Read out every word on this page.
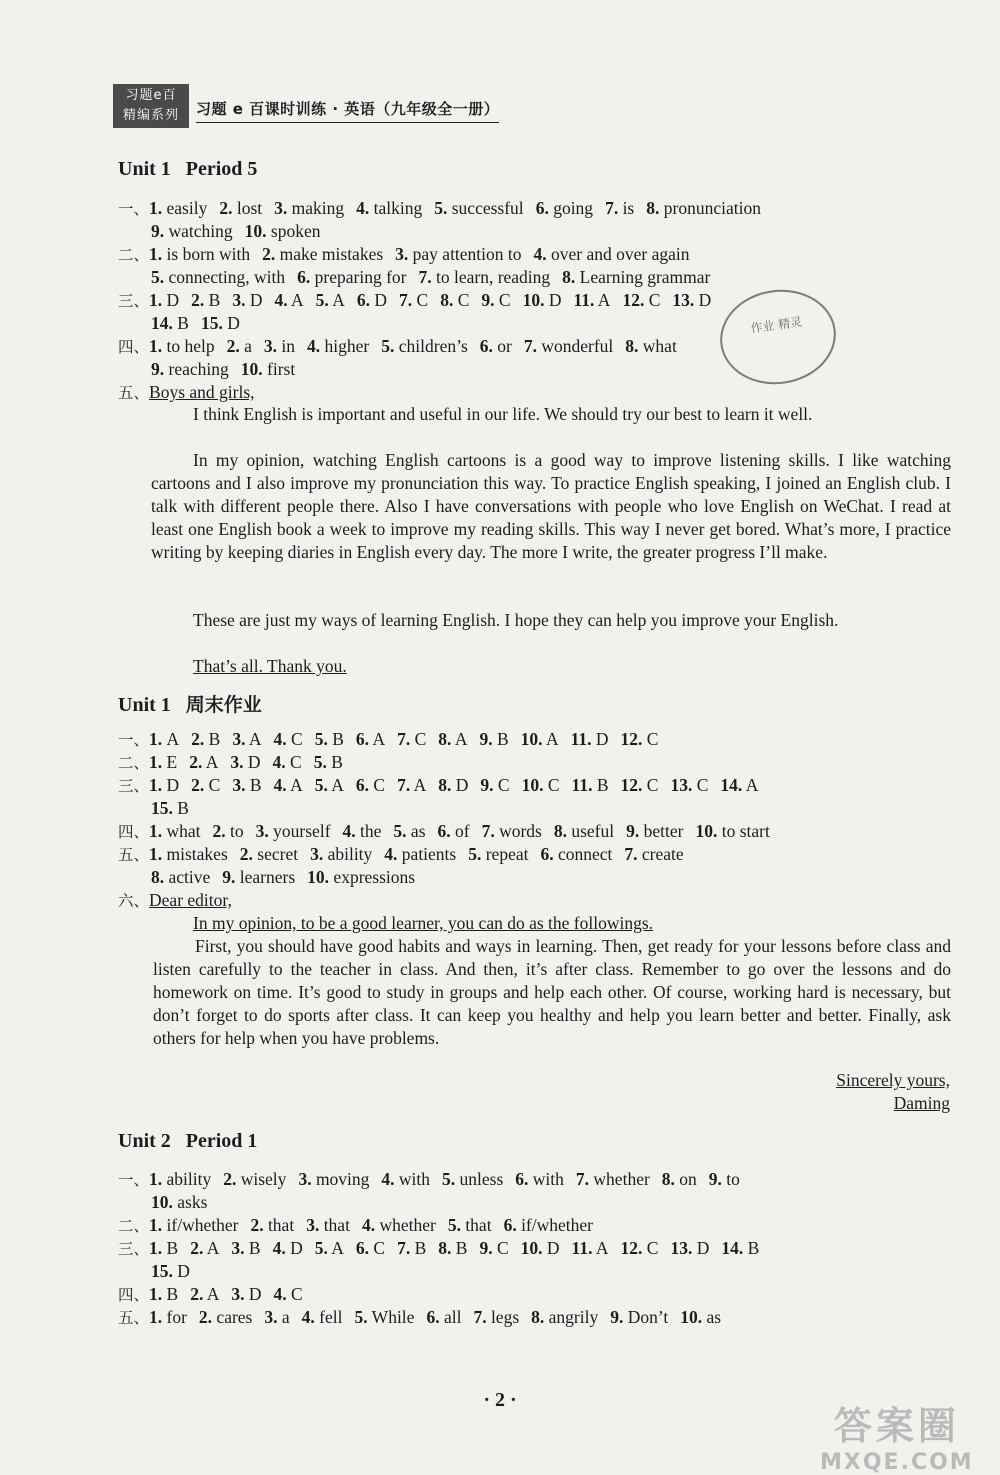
习题e百
精编系列	习题 e 百课时训练 · 英语（九年级全一册）
Unit 1   Period 5
一、1. easily 2. lost 3. making 4. talking 5. successful 6. going 7. is 8. pronunciation
9. watching 10. spoken
二、1. is born with 2. make mistakes 3. pay attention to 4. over and over again
5. connecting, with 6. preparing for 7. to learn, reading 8. Learning grammar
三、1. D 2. B 3. D 4. A 5. A 6. D 7. C 8. C 9. C 10. D 11. A 12. C 13. D
14. B 15. D
四、1. to help 2. a 3. in 4. higher 5. children’s 6. or 7. wonderful 8. what
9. reaching 10. first
五、Boys and girls,
I think English is important and useful in our life. We should try our best to learn it well.
In my opinion, watching English cartoons is a good way to improve listening skills. I like watching cartoons and I also improve my pronunciation this way. To practice English speaking, I joined an English club. I talk with different people there. Also I have conversations with people who love English on WeChat. I read at least one English book a week to improve my reading skills. This way I never get bored. What’s more, I practice writing by keeping diaries in English every day. The more I write, the greater progress I’ll make.
These are just my ways of learning English. I hope they can help you improve your English.
That’s all. Thank you.
Unit 1   周末作业
一、1. A 2. B 3. A 4. C 5. B 6. A 7. C 8. A 9. B 10. A 11. D 12. C
二、1. E 2. A 3. D 4. C 5. B
三、1. D 2. C 3. B 4. A 5. A 6. C 7. A 8. D 9. C 10. C 11. B 12. C 13. C 14. A
15. B
四、1. what 2. to 3. yourself 4. the 5. as 6. of 7. words 8. useful 9. better 10. to start
五、1. mistakes 2. secret 3. ability 4. patients 5. repeat 6. connect 7. create
8. active 9. learners 10. expressions
六、Dear editor,
In my opinion, to be a good learner, you can do as the followings.
First, you should have good habits and ways in learning. Then, get ready for your lessons before class and listen carefully to the teacher in class. And then, it’s after class. Remember to go over the lessons and do homework on time. It’s good to study in groups and help each other. Of course, working hard is necessary, but don’t forget to do sports after class. It can keep you healthy and help you learn better and better. Finally, ask others for help when you have problems.
Sincerely yours,
Daming
Unit 2   Period 1
一、1. ability 2. wisely 3. moving 4. with 5. unless 6. with 7. whether 8. on 9. to
10. asks
二、1. if/whether 2. that 3. that 4. whether 5. that 6. if/whether
三、1. B 2. A 3. B 4. D 5. A 6. C 7. B 8. B 9. C 10. D 11. A 12. C 13. D 14. B
15. D
四、1. B 2. A 3. D 4. C
五、1. for 2. cares 3. a 4. fell 5. While 6. all 7. legs 8. angrily 9. Don’t 10. as
· 2 ·
作业 精灵
答案圈
MXQE.COM
